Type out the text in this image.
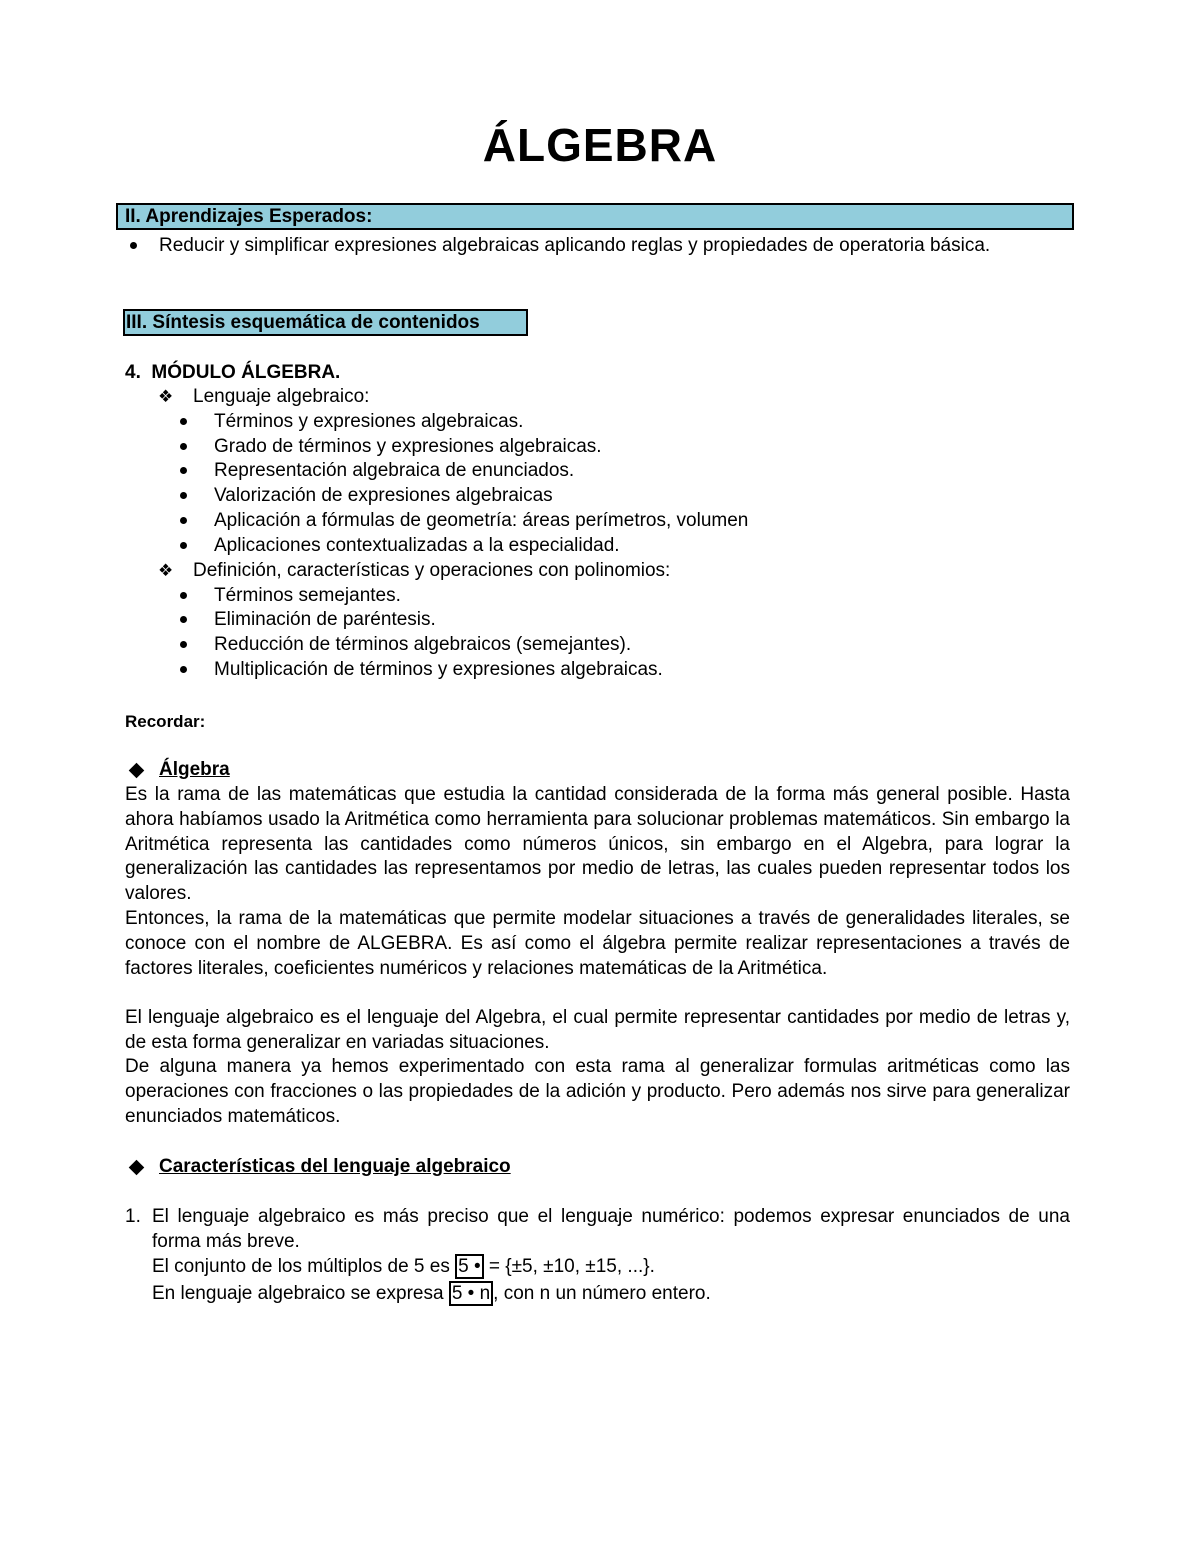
ÁLGEBRA
II. Aprendizajes Esperados:
Reducir y simplificar expresiones algebraicas aplicando reglas y propiedades de operatoria básica.
III. Síntesis esquemática de contenidos
4.  MÓDULO ÁLGEBRA.
❖ Lenguaje algebraico:
Términos y expresiones algebraicas.
Grado de términos y expresiones algebraicas.
Representación algebraica de enunciados.
Valorización de expresiones algebraicas
Aplicación a fórmulas de geometría: áreas perímetros, volumen
Aplicaciones contextualizadas a la especialidad.
❖ Definición, características y operaciones con polinomios:
Términos semejantes.
Eliminación de paréntesis.
Reducción de términos algebraicos (semejantes).
Multiplicación de términos y expresiones algebraicas.
Recordar:
Álgebra
Es la rama de las matemáticas que estudia la cantidad considerada de la forma más general posible. Hasta ahora habíamos usado la Aritmética como herramienta para solucionar problemas matemáticos. Sin embargo la Aritmética representa las cantidades como números únicos, sin embargo en el Algebra, para lograr la generalización las cantidades las representamos por medio de letras, las cuales pueden representar todos los valores.
Entonces, la rama de la matemáticas que permite modelar situaciones a través de generalidades literales, se conoce con el nombre de ALGEBRA. Es así como el álgebra permite realizar representaciones a través de factores literales, coeficientes numéricos y relaciones matemáticas de la Aritmética.
El lenguaje algebraico es el lenguaje del Algebra, el cual permite representar cantidades por medio de letras y, de esta forma generalizar en variadas situaciones.
De alguna manera ya hemos experimentado con esta rama al generalizar formulas aritméticas como las operaciones con fracciones o las propiedades de la adición y producto. Pero además nos sirve para generalizar enunciados matemáticos.
Características del lenguaje algebraico
1. El lenguaje algebraico es más preciso que el lenguaje numérico: podemos expresar enunciados de una forma más breve.
El conjunto de los múltiplos de 5 es 5 • = {±5, ±10, ±15, ...}.
En lenguaje algebraico se expresa 5 • n , con n un número entero.
